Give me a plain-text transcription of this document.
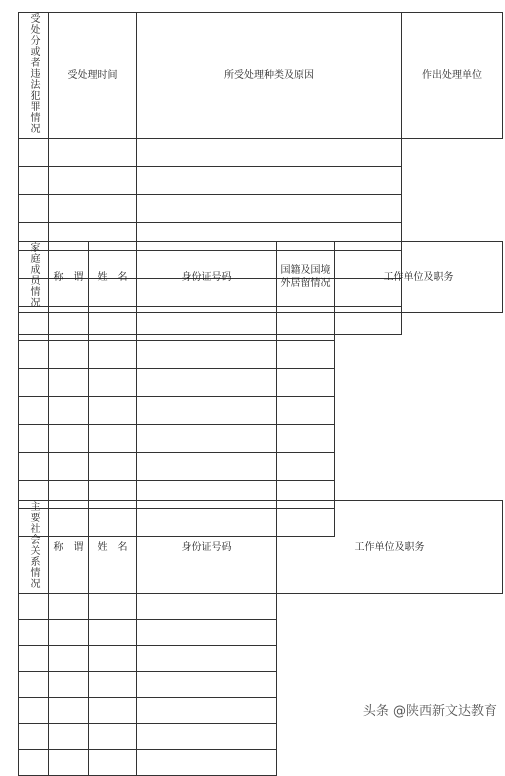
受处分或者违法犯罪情况	受处理时间	所受处理种类及原因	作出处理单位

家庭成员情况	称　谓	姓　名	身份证号码	国籍及国境外居留情况	工作单位及职务

主要社会关系情况	称　谓	姓　名	身份证号码	工作单位及职务

头条 @陕西新文达教育
